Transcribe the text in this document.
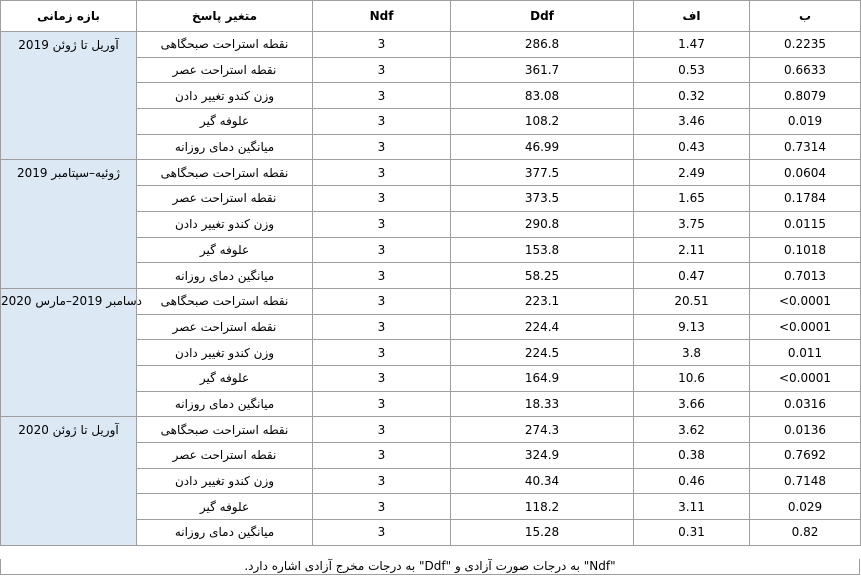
بازه زمانی	متغیر پاسخ	Ndf	Ddf	اف	ب
آوریل تا ژوئن 2019	نقطه استراحت صبحگاهی	3	286.8	1.47	0.2235
	نقطه استراحت عصر	3	361.7	0.53	0.6633
	وزن کندو تغییر دادن	3	83.08	0.32	0.8079
	علوفه گیر	3	108.2	3.46	0.019
	میانگین دمای روزانه	3	46.99	0.43	0.7314
ژوئیه–سپتامبر 2019	نقطه استراحت صبحگاهی	3	377.5	2.49	0.0604
	نقطه استراحت عصر	3	373.5	1.65	0.1784
	وزن کندو تغییر دادن	3	290.8	3.75	0.0115
	علوفه گیر	3	153.8	2.11	0.1018
	میانگین دمای روزانه	3	58.25	0.47	0.7013
دسامبر 2019–مارس 2020	نقطه استراحت صبحگاهی	3	223.1	20.51	<0.0001
	نقطه استراحت عصر	3	224.4	9.13	<0.0001
	وزن کندو تغییر دادن	3	224.5	3.8	0.011
	علوفه گیر	3	164.9	10.6	<0.0001
	میانگین دمای روزانه	3	18.33	3.66	0.0316
آوریل تا ژوئن 2020	نقطه استراحت صبحگاهی	3	274.3	3.62	0.0136
	نقطه استراحت عصر	3	324.9	0.38	0.7692
	وزن کندو تغییر دادن	3	40.34	0.46	0.7148
	علوفه گیر	3	118.2	3.11	0.029
	میانگین دمای روزانه	3	15.28	0.31	0.82
"Ndf" به درجات صورت آزادی و "Ddf" به درجات مخرج آزادی اشاره دارد.
